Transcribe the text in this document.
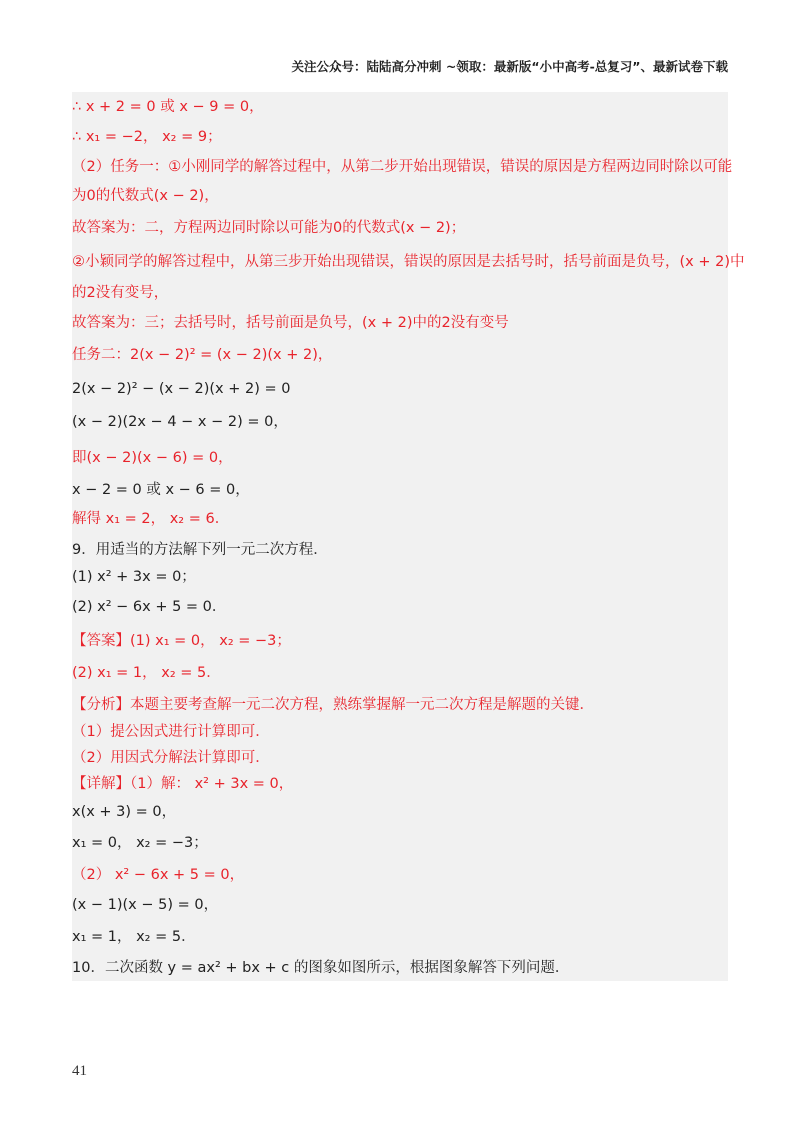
关注公众号：陆陆高分冲刺 ~领取：最新版“小中高考-总复习”、最新试卷下载
∴ x + 2 = 0 或 x − 9 = 0，
∴ x₁ = −2， x₂ = 9；
（2）任务一：①小刚同学的解答过程中，从第二步开始出现错误，错误的原因是方程两边同时除以可能
为0的代数式(x − 2)，
故答案为：二，方程两边同时除以可能为0的代数式(x − 2)；
②小颖同学的解答过程中，从第三步开始出现错误，错误的原因是去括号时，括号前面是负号，(x + 2)中
的2没有变号，
故答案为：三；去括号时，括号前面是负号，(x + 2)中的2没有变号
任务二：2(x − 2)² = (x − 2)(x + 2)，
2(x − 2)² − (x − 2)(x + 2) = 0
(x − 2)(2x − 4 − x − 2) = 0，
即(x − 2)(x − 6) = 0，
x − 2 = 0 或 x − 6 = 0，
解得 x₁ = 2， x₂ = 6．
9．用适当的方法解下列一元二次方程．
(1) x² + 3x = 0；
(2) x² − 6x + 5 = 0．
【答案】(1) x₁ = 0， x₂ = −3；
(2) x₁ = 1， x₂ = 5．
【分析】本题主要考查解一元二次方程，熟练掌握解一元二次方程是解题的关键．
（1）提公因式进行计算即可．
（2）用因式分解法计算即可．
【详解】（1）解： x² + 3x = 0，
x(x + 3) = 0，
x₁ = 0， x₂ = −3；
（2） x² − 6x + 5 = 0，
(x − 1)(x − 5) = 0，
x₁ = 1， x₂ = 5．
10．二次函数 y = ax² + bx + c 的图象如图所示，根据图象解答下列问题．
41
